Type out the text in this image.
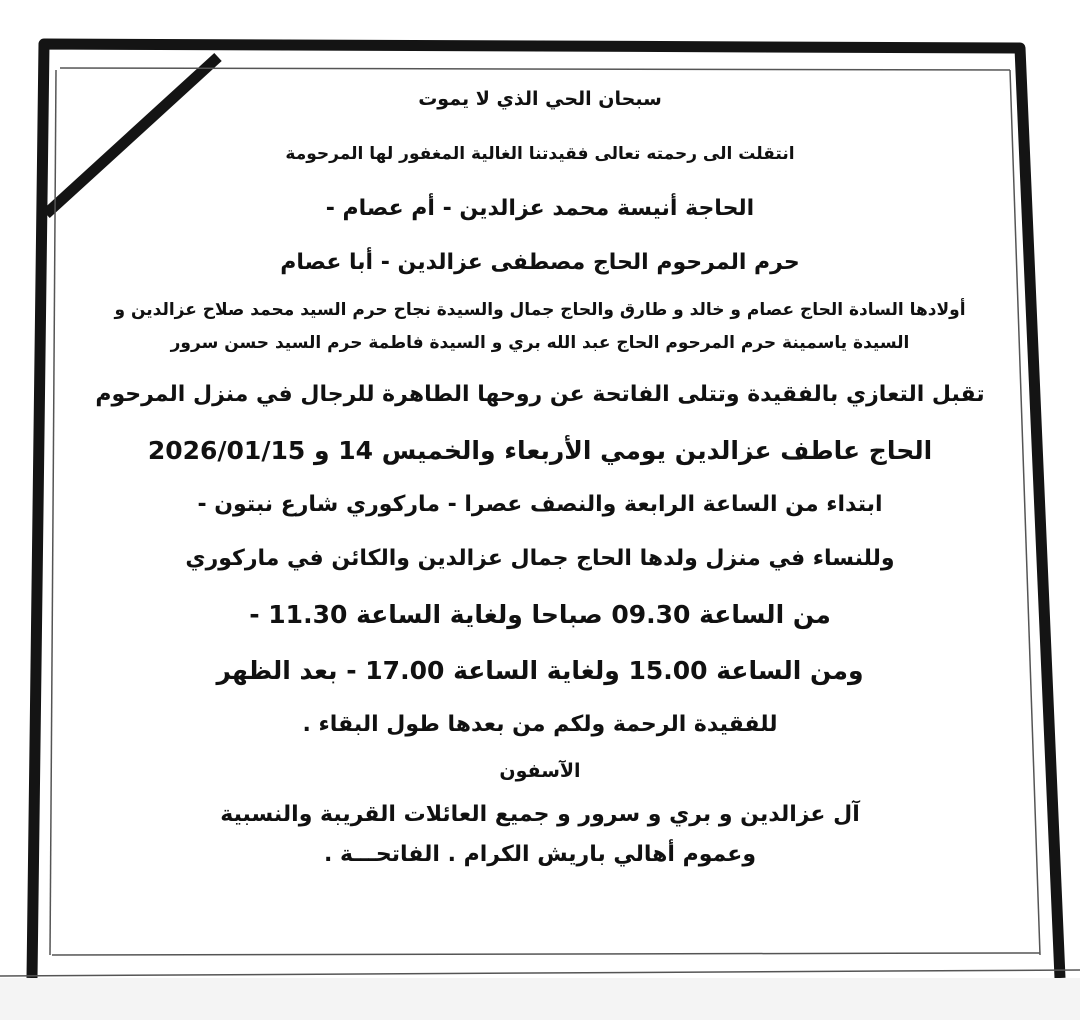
سبحان الحي الذي لا يموت
انتقلت الى رحمته تعالى فقيدتنا الغالية المغفور لها المرحومة
الحاجة أنيسة محمد عزالدين - أم عصام -
حرم المرحوم الحاج مصطفى عزالدين - أبا عصام
أولادها السادة الحاج عصام و خالد و طارق والحاج جمال والسيدة نجاح حرم السيد محمد صلاح عزالدين و
السيدة ياسمينة حرم المرحوم الحاج عبد الله بري و السيدة فاطمة حرم السيد حسن سرور
تقبل التعازي بالفقيدة وتتلى الفاتحة عن روحها الطاهرة للرجال في منزل المرحوم
الحاج عاطف عزالدين يومي الأربعاء والخميس 14 و 2026/01/15
ابتداء من الساعة الرابعة والنصف عصرا - ماركوري شارع نبتون -
وللنساء في منزل ولدها الحاج جمال عزالدين والكائن في ماركوري
من الساعة 09.30 صباحا ولغاية الساعة 11.30 -
ومن الساعة 15.00 ولغاية الساعة 17.00 - بعد الظهر
للفقيدة الرحمة ولكم من بعدها طول البقاء .
الآسفون
آل عزالدين و بري و سرور و جميع العائلات القريبة والنسبية
وعموم أهالي باريش الكرام . الفاتحـــة .
